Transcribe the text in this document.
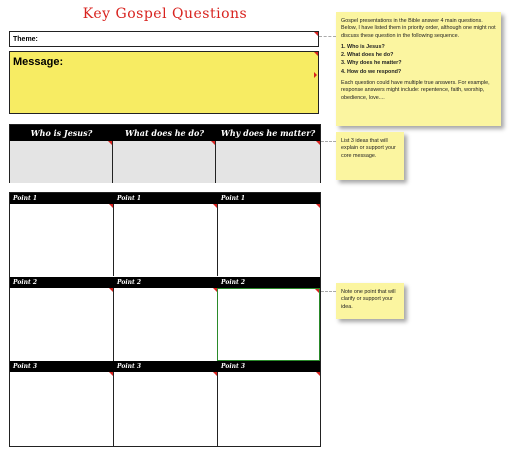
Key Gospel Questions
Theme:
Message:
Who is Jesus?	What does he do?	Why does he matter?
Point 1	Point 1	Point 1
Point 2	Point 2	Point 2
Point 3	Point 3	Point 3

Gospel presentations in the Bible answer 4 main questions. Below, I have listed them in priority order, although one might not discuss these question in the following sequence.

1. Who is Jesus?
2. What does he do?
3. Why does he matter?
4. How do we respond?

Each question could have multiple true answers. For example, response answers might include: repentence, faith, worship, obedience, love....

List 3 ideas that will explain or support your core message.

Note one point that will clarify or support your idea.
